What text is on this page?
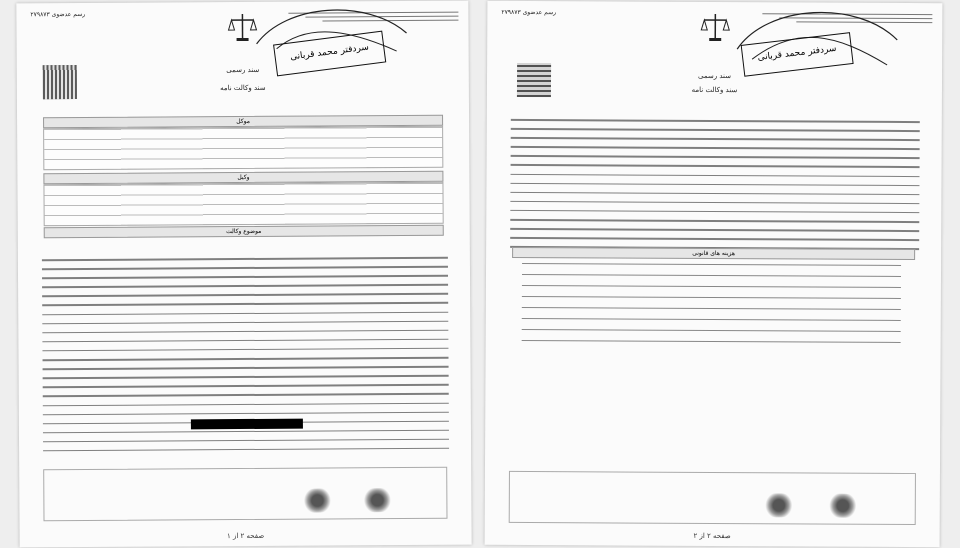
رسم عدضوی ٢٧٩٨٧٣
سردفتر محمد قربانی
سند رسمی
سند وکالت نامه
موکل
وکیل
موضوع وکالت
صفحه ٢ از ١
رسم عدضوی ٢٧٩٨٧٣
سردفتر محمد قربانی
سند رسمی
سند وکالت نامه
هزینه های قانونی
صفحه ٢ از ٢
